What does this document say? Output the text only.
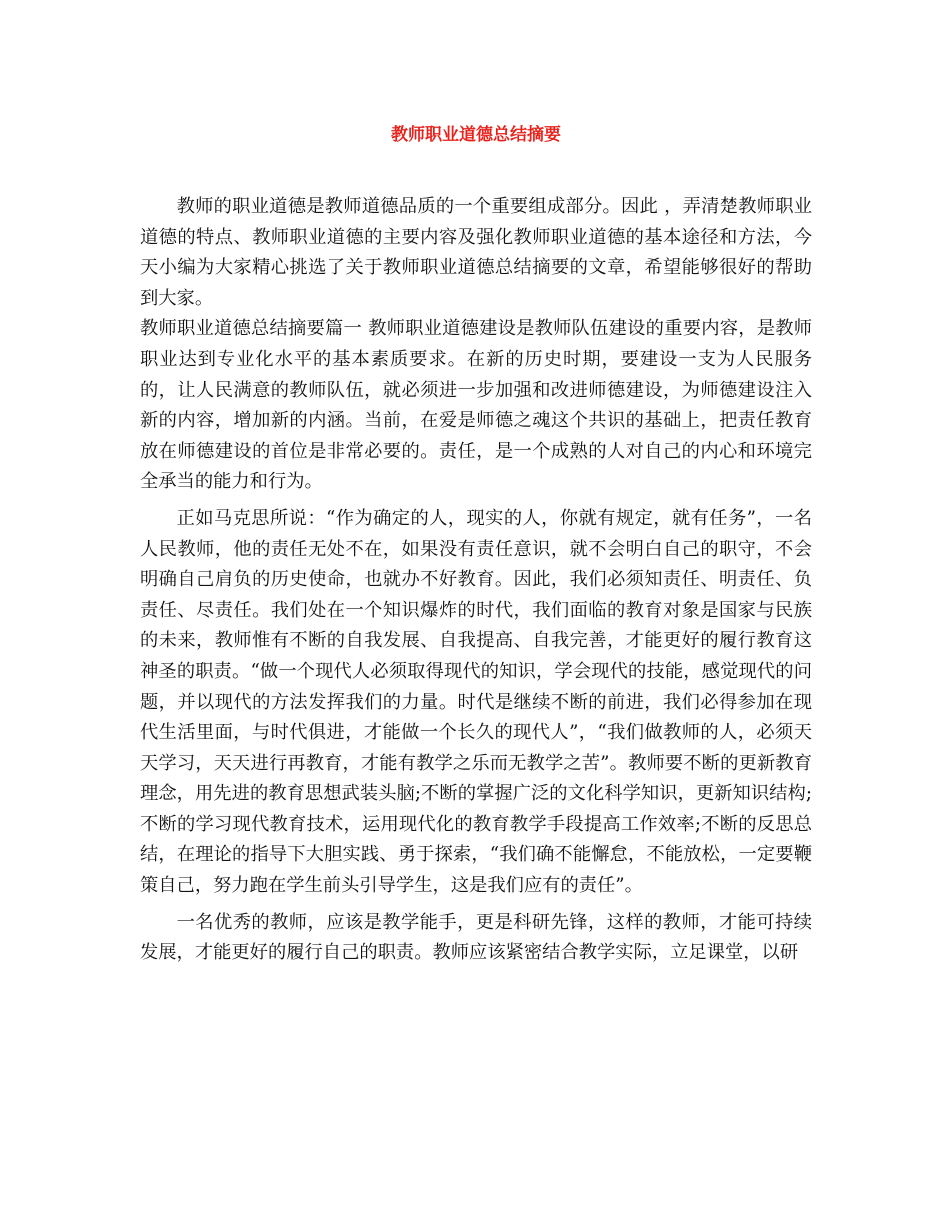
教师职业道德总结摘要

教师的职业道德是教师道德品质的一个重要组成部分。因此 ，弄清楚教师职业道德的特点、教师职业道德的主要内容及强化教师职业道德的基本途径和方法，今天小编为大家精心挑选了关于教师职业道德总结摘要的文章，希望能够很好的帮助到大家。

教师职业道德总结摘要篇一 教师职业道德建设是教师队伍建设的重要内容，是教师职业达到专业化水平的基本素质要求。在新的历史时期，要建设一支为人民服务的，让人民满意的教师队伍，就必须进一步加强和改进师德建设，为师德建设注入新的内容，增加新的内涵。当前，在爱是师德之魂这个共识的基础上，把责任教育放在师德建设的首位是非常必要的。责任，是一个成熟的人对自己的内心和环境完全承当的能力和行为。

正如马克思所说：“作为确定的人，现实的人，你就有规定，就有任务”，一名人民教师，他的责任无处不在，如果没有责任意识，就不会明白自己的职守，不会明确自己肩负的历史使命，也就办不好教育。因此，我们必须知责任、明责任、负责任、尽责任。我们处在一个知识爆炸的时代，我们面临的教育对象是国家与民族的未来，教师惟有不断的自我发展、自我提高、自我完善，才能更好的履行教育这神圣的职责。“做一个现代人必须取得现代的知识，学会现代的技能，感觉现代的问题，并以现代的方法发挥我们的力量。时代是继续不断的前进，我们必得参加在现代生活里面，与时代俱进，才能做一个长久的现代人”，“我们做教师的人，必须天天学习，天天进行再教育，才能有教学之乐而无教学之苦”。教师要不断的更新教育理念，用先进的教育思想武装头脑;不断的掌握广泛的文化科学知识，更新知识结构;不断的学习现代教育技术，运用现代化的教育教学手段提高工作效率;不断的反思总结，在理论的指导下大胆实践、勇于探索，“我们确不能懈怠，不能放松，一定要鞭策自己，努力跑在学生前头引导学生，这是我们应有的责任”。

一名优秀的教师，应该是教学能手，更是科研先锋，这样的教师，才能可持续发展，才能更好的履行自己的职责。教师应该紧密结合教学实际，立足课堂，以研
